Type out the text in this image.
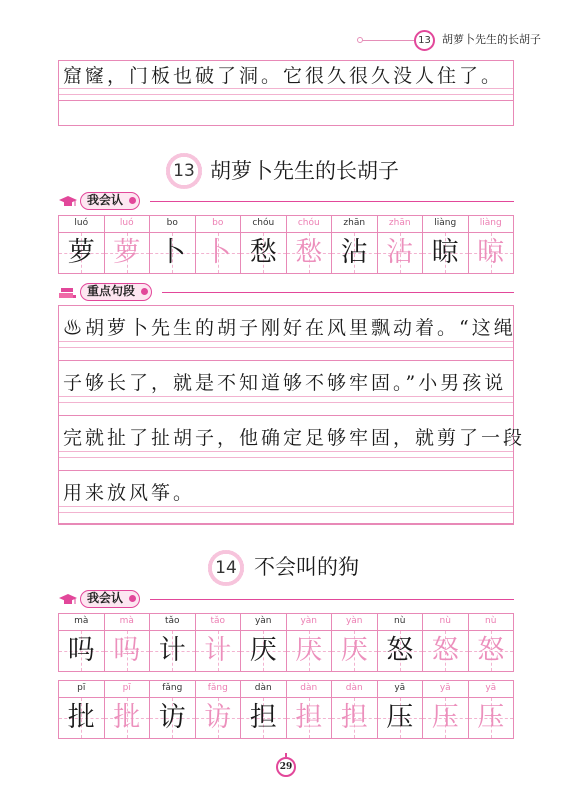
13	胡萝卜先生的长胡子
窟窿，门板也破了洞。它很久很久没人住了。
13 胡萝卜先生的长胡子
我会认
luó
萝
luó
萝
bo
卜
bo
卜
chóu
愁
chóu
愁
zhān
沾
zhān
沾
liàng
晾
liàng
晾
重点句段
♨胡萝卜先生的胡子刚好在风里飘动着。“这绳
子够长了，就是不知道够不够牢固。”小男孩说
完就扯了扯胡子，他确定足够牢固，就剪了一段
用来放风筝。
14 不会叫的狗
我会认
mà
吗
mà
吗
tǎo
计
tǎo
计
yàn
厌
yàn
厌
yàn
厌
nù
怒
nù
怒
nù
怒
pī
批
pī
批
fǎng
访
fǎng
访
dàn
担
dàn
担
dàn
担
yā
压
yā
压
yā
压
29
